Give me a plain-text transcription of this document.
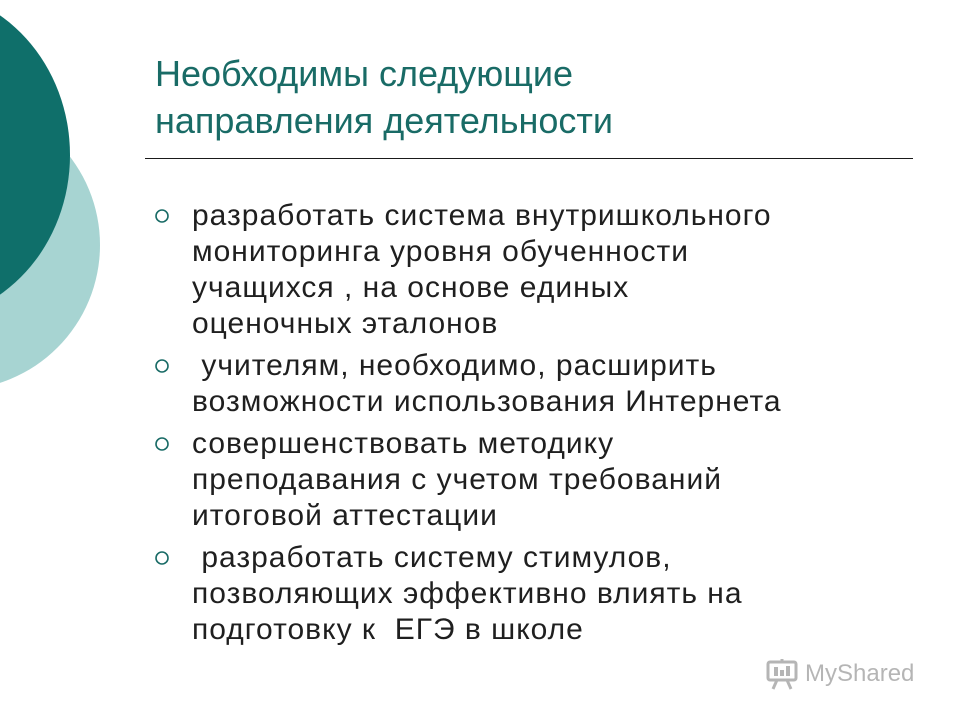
Необходимы следующие
направления деятельности
разработать система внутришкольного
мониторинга уровня обученности
учащихся , на основе единых
оценочных эталонов
учителям, необходимо, расширить
возможности использования Интернета
совершенствовать методику
преподавания с учетом требований
итоговой аттестации
разработать систему стимулов,
позволяющих эффективно влиять на
подготовку к  ЕГЭ в школе
MyShared
